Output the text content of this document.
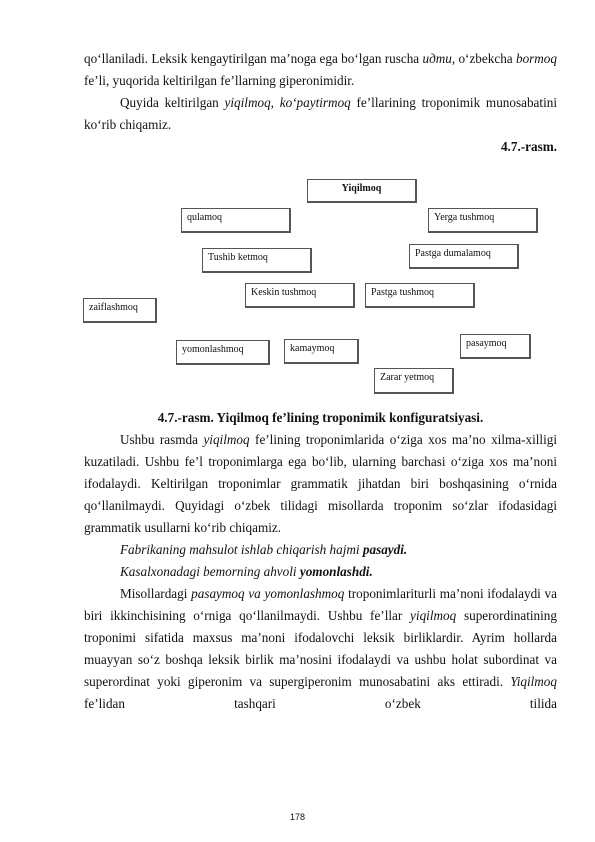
qo‘llaniladi. Leksik kengaytirilgan ma’noga ega bo‘lgan ruscha uдти, o‘zbekcha bormoq fe’li, yuqorida keltirilgan fe’llarning giperonimidir.

Quyida keltirilgan yiqilmoq, ko‘paytirmoq fe’llarining troponimik munosabatini ko‘rib chiqamiz.

4.7.-rasm.

Yiqilmoq
qulamoq	Yerga tushmoq
Tushib ketmoq	Pastga dumalamoq
Keskin tushmoq	Pastga tushmoq
zaiflashmoq
pasaymoq
yomonlashmoq	kamaymoq
Zarar yetmoq

4.7.-rasm. Yiqilmoq fe’lining troponimik konfiguratsiyasi.

Ushbu rasmda yiqilmoq fe’lining troponimlarida o‘ziga xos ma’no xilma-xilligi kuzatiladi. Ushbu fe’l troponimlarga ega bo‘lib, ularning barchasi o‘ziga xos ma’noni ifodalaydi. Keltirilgan troponimlar grammatik jihatdan biri boshqasining o‘rnida qo‘llanilmaydi. Quyidagi o‘zbek tilidagi misollarda troponim so‘zlar ifodasidagi grammatik usullarni ko‘rib chiqamiz.

Fabrikaning mahsulot ishlab chiqarish hajmi pasaydi.

Kasalxonadagi bemorning ahvoli yomonlashdi.

Misollardagi pasaymoq va yomonlashmoq troponimlariturli ma’noni ifodalaydi va biri ikkinchisining o‘rniga qo‘llanilmaydi. Ushbu fe’llar yiqilmoq superordinatining troponimi sifatida maxsus ma’noni ifodalovchi leksik birliklardir. Ayrim hollarda muayyan so‘z boshqa leksik birlik ma’nosini ifodalaydi va ushbu holat subordinat va superordinat yoki giperonim va supergiperonim munosabatini aks ettiradi. Yiqilmoq fe’lidan tashqari o‘zbek tilida

178
